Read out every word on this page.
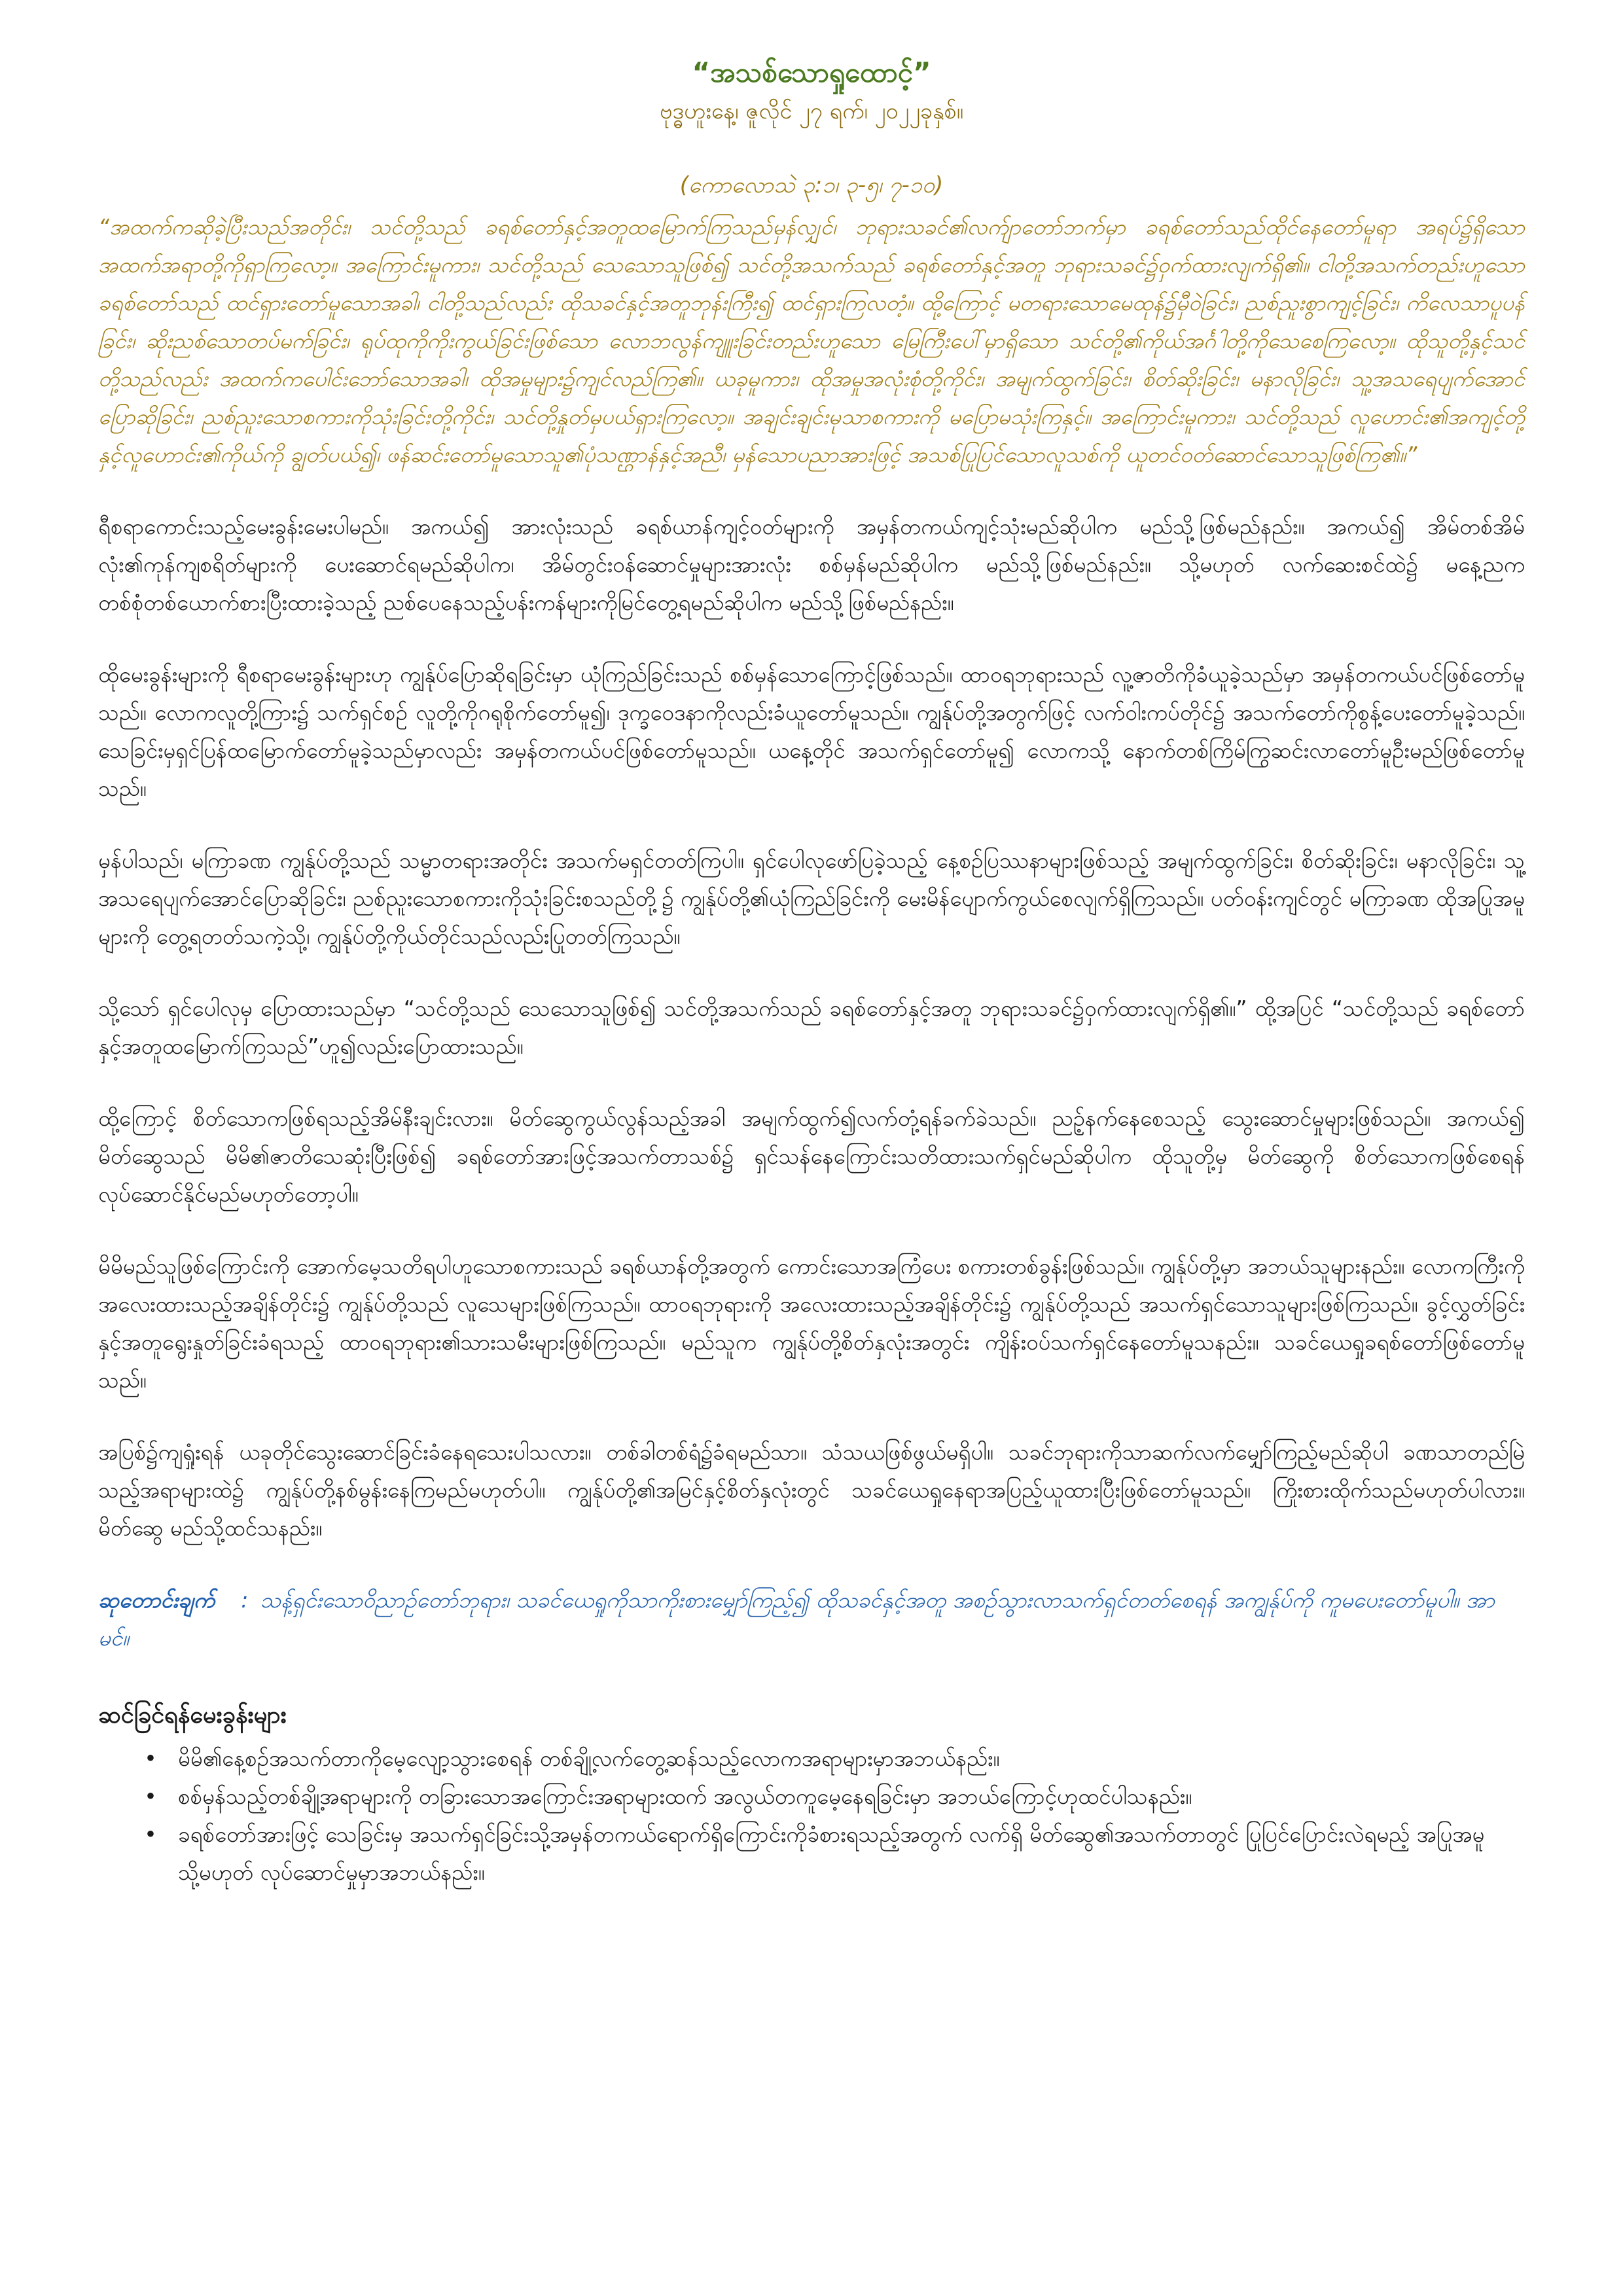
“အသစ်သောရှုထောင့်”

ဗုဒ္ဓဟူးနေ့၊ ဇူလိုင် ၂၇ ရက်၊ ၂၀၂၂ခုနှစ်။

(ကောလောသဲ ၃:၁၊ ၃-၅၊ ၇-၁၀)

“အထက်ကဆိုခဲ့ပြီးသည်အတိုင်း၊ သင်တို့သည် ခရစ်တော်နှင့်အတူထမြောက်ကြသည်မှန်လျှင်၊ ဘုရားသခင်၏လက်ျာတော်ဘက်မှာ ခရစ်တော်သည်ထိုင်နေတော်မူရာ အရပ်၌ရှိသော အထက်အရာတို့ကိုရှာကြလော့။ အကြောင်းမူကား၊ သင်တို့သည် သေသောသူဖြစ်၍ သင်တို့အသက်သည် ခရစ်တော်နှင့်အတူ ဘုရားသခင်၌ဝှက်ထားလျက်ရှိ၏။ ငါတို့အသက်တည်းဟူသောခရစ်တော်သည် ထင်ရှားတော်မူသောအခါ၊ ငါတို့သည်လည်း ထိုသခင်နှင့်အတူဘုန်းကြီး၍ ထင်ရှားကြလတံ့။ ထို့ကြောင့် မတရားသောမေထုန်၌မှီဝဲခြင်း၊ ညစ်ညူးစွာကျင့်ခြင်း၊ ကိလေသာပူပန်ခြင်း၊ ဆိုးညစ်သောတပ်မက်ခြင်း၊ ရုပ်ထုကိုကိုးကွယ်ခြင်းဖြစ်သော လောဘလွန်ကျူးခြင်းတည်းဟူသော မြေကြီးပေါ်မှာရှိသော သင်တို့၏ကိုယ်အင်္ဂါတို့ကိုသေစေကြလော့။ ထိုသူတို့နှင့်သင်တို့သည်လည်း အထက်ကပေါင်းဘော်သောအခါ၊ ထိုအမှုများ၌ကျင်လည်ကြ၏။ ယခုမူကား၊ ထိုအမှုအလုံးစုံတို့ကိုင်း၊ အမျက်ထွက်ခြင်း၊ စိတ်ဆိုးခြင်း၊ မနာလိုခြင်း၊ သူ့အသရေပျက်အောင်ပြောဆိုခြင်း၊ ညစ်ညူးသောစကားကိုသုံးခြင်းတို့ကိုင်း၊ သင်တို့နှုတ်မှပယ်ရှားကြလော့။ အချင်းချင်းမုသာစကားကို မပြောမသုံးကြနှင့်။ အကြောင်းမူကား၊ သင်တို့သည် လူဟောင်း၏အကျင့်တို့နှင့်လူဟောင်း၏ကိုယ်ကို ချွတ်ပယ်၍၊ ဖန်ဆင်းတော်မူသောသူ၏ပုံသဏ္ဌာန်နှင့်အညီ၊ မှန်သောပညာအားဖြင့် အသစ်ပြုပြင်သောလူသစ်ကို ယူတင်ဝတ်ဆောင်သောသူဖြစ်ကြ၏။”

ရီစရာကောင်းသည့်မေးခွန်းမေးပါမည်။ အကယ်၍ အားလုံးသည် ခရစ်ယာန်ကျင့်ဝတ်များကို အမှန်တကယ်ကျင့်သုံးမည်ဆိုပါက မည်သို့ဖြစ်မည်နည်း။ အကယ်၍ အိမ်တစ်အိမ်လုံး၏ကုန်ကျစရိတ်များကို ပေးဆောင်ရမည်ဆိုပါက၊ အိမ်တွင်းဝန်ဆောင်မှုများအားလုံး စစ်မှန်မည်ဆိုပါက မည်သို့ဖြစ်မည်နည်း။ သို့မဟုတ် လက်ဆေးစင်ထဲ၌ မနေ့ညက တစ်စုံတစ်ယောက်စားပြီးထားခဲ့သည့် ညစ်ပေနေသည့်ပန်းကန်များကိုမြင်တွေ့ရမည်ဆိုပါက မည်သို့ဖြစ်မည်နည်း။

ထိုမေးခွန်းများကို ရီစရာမေးခွန်းများဟု ကျွန်ုပ်ပြောဆိုရခြင်းမှာ ယုံကြည်ခြင်းသည် စစ်မှန်သောကြောင့်ဖြစ်သည်။ ထာဝရဘုရားသည် လူ့ဇာတိကိုခံယူခဲ့သည်မှာ အမှန်တကယ်ပင်ဖြစ်တော်မူသည်။ လောကလူတို့ကြား၌ သက်ရှင်စဉ် လူတို့ကိုဂရုစိုက်တော်မူ၍၊ ဒုက္ခဝေဒနာကိုလည်းခံယူတော်မူသည်။ ကျွန်ုပ်တို့အတွက်ဖြင့် လက်ဝါးကပ်တိုင်၌ အသက်တော်ကိုစွန့်ပေးတော်မူခဲ့သည်။ သေခြင်းမှရှင်ပြန်ထမြောက်တော်မူခဲ့သည်မှာလည်း အမှန်တကယ်ပင်ဖြစ်တော်မူသည်။ ယနေ့တိုင် အသက်ရှင်တော်မူ၍ လောကသို့ နောက်တစ်ကြိမ်ကြွဆင်းလာတော်မူဦးမည်ဖြစ်တော်မူသည်။

မှန်ပါသည်၊ မကြာခဏ ကျွန်ုပ်တို့သည် သမ္မာတရားအတိုင်း အသက်မရှင်တတ်ကြပါ။ ရှင်ပေါလုဖော်ပြခဲ့သည့် နေ့စဉ်ပြဿနာများဖြစ်သည့် အမျက်ထွက်ခြင်း၊ စိတ်ဆိုးခြင်း၊ မနာလိုခြင်း၊ သူ့အသရေပျက်အောင်ပြောဆိုခြင်း၊ ညစ်ညူးသောစကားကိုသုံးခြင်းစသည်တို့၌ ကျွန်ုပ်တို့၏ယုံကြည်ခြင်းကို မေးမိန်ပျောက်ကွယ်စေလျက်ရှိကြသည်။ ပတ်ဝန်းကျင်တွင် မကြာခဏ ထိုအပြုအမူများကို တွေ့ရတတ်သကဲ့သို့၊ ကျွန်ုပ်တို့ကိုယ်တိုင်သည်လည်းပြုတတ်ကြသည်။

သို့သော် ရှင်ပေါလုမှ ပြောထားသည်မှာ “သင်တို့သည် သေသောသူဖြစ်၍ သင်တို့အသက်သည် ခရစ်တော်နှင့်အတူ ဘုရားသခင်၌ဝှက်ထားလျက်ရှိ၏။” ထို့အပြင် “သင်တို့သည် ခရစ်တော်နှင့်အတူထမြောက်ကြသည်”ဟူ၍လည်းပြောထားသည်။

ထို့ကြောင့် စိတ်သောကဖြစ်ရသည့်အိမ်နီးချင်းလား။ မိတ်ဆွေကွယ်လွန်သည့်အခါ အမျက်ထွက်၍လက်တုံ့ရန်ခက်ခဲသည်။ ညဉ့်နက်နေစေသည့် သွေးဆောင်မှုများဖြစ်သည်။ အကယ်၍ မိတ်ဆွေသည် မိမိ၏ဇာတိသေဆုံးပြီးဖြစ်၍ ခရစ်တော်အားဖြင့်အသက်တာသစ်၌ ရှင်သန်နေကြောင်းသတိထားသက်ရှင်မည်ဆိုပါက ထိုသူတို့မှ မိတ်ဆွေကို စိတ်သောကဖြစ်စေရန် လုပ်ဆောင်နိုင်မည်မဟုတ်တော့ပါ။

မိမိမည်သူဖြစ်ကြောင်းကို အောက်မေ့သတိရပါဟူသောစကားသည် ခရစ်ယာန်တို့အတွက် ကောင်းသောအကြံပေး စကားတစ်ခွန်းဖြစ်သည်။ ကျွန်ုပ်တို့မှာ အဘယ်သူများနည်း။ လောကကြီးကို အလေးထားသည့်အချိန်တိုင်း၌ ကျွန်ုပ်တို့သည် လူသေများဖြစ်ကြသည်။ ထာဝရဘုရားကို အလေးထားသည့်အချိန်တိုင်း၌ ကျွန်ုပ်တို့သည် အသက်ရှင်သောသူများဖြစ်ကြသည်။ ခွင့်လွှတ်ခြင်းနှင့်အတူရွေးနှုတ်ခြင်းခံရသည့် ထာဝရဘုရား၏သားသမီးများဖြစ်ကြသည်။ မည်သူက ကျွန်ုပ်တို့စိတ်နှလုံးအတွင်း ကျိန်းဝပ်သက်ရှင်နေတော်မူသနည်း။ သခင်ယေရှုခရစ်တော်ဖြစ်တော်မူသည်။

အပြစ်၌ကျရှုံးရန် ယခုတိုင်သွေးဆောင်ခြင်းခံနေရသေးပါသလား။ တစ်ခါတစ်ရံ၌ခံရမည်သာ။ သံသယဖြစ်ဖွယ်မရှိပါ။ သခင်ဘုရားကိုသာဆက်လက်မျှော်ကြည့်မည်ဆိုပါ ခဏသာတည်မြဲသည့်အရာများထဲ၌ ကျွန်ုပ်တို့နစ်မွန်းနေကြမည်မဟုတ်ပါ။ ကျွန်ုပ်တို့၏အမြင်နှင့်စိတ်နှလုံးတွင် သခင်ယေရှုနေရာအပြည့်ယူထားပြီးဖြစ်တော်မူသည်။ ကြိုးစားထိုက်သည်မဟုတ်ပါလား။ မိတ်ဆွေ မည်သို့ထင်သနည်း။

ဆုတောင်းချက် : သန့်ရှင်းသောဝိညာဉ်တော်ဘုရား၊ သခင်ယေရှုကိုသာကိုးစားမျှော်ကြည့်၍ ထိုသခင်နှင့်အတူ အစဉ်သွားလာသက်ရှင်တတ်စေရန် အကျွန်ုပ်ကို ကူမပေးတော်မူပါ။ အာမင်။

ဆင်ခြင်ရန်မေးခွန်းများ
• မိမိ၏နေ့စဉ်အသက်တာကိုမေ့လျော့သွားစေရန် တစ်ချို့လက်တွေ့ဆန်သည့်လောကအရာများမှာအဘယ်နည်း။
• စစ်မှန်သည့်တစ်ချို့အရာများကို တခြားသောအကြောင်းအရာများထက် အလွယ်တကူမေ့နေရခြင်းမှာ အဘယ်ကြောင့်ဟုထင်ပါသနည်း။
• ခရစ်တော်အားဖြင့် သေခြင်းမှ အသက်ရှင်ခြင်းသို့အမှန်တကယ်ရောက်ရှိကြောင်းကိုခံစားရသည့်အတွက် လက်ရှိ မိတ်ဆွေ၏အသက်တာတွင် ပြုပြင်ပြောင်းလဲရမည့် အပြုအမူ သို့မဟုတ် လုပ်ဆောင်မှုမှာအဘယ်နည်း။
